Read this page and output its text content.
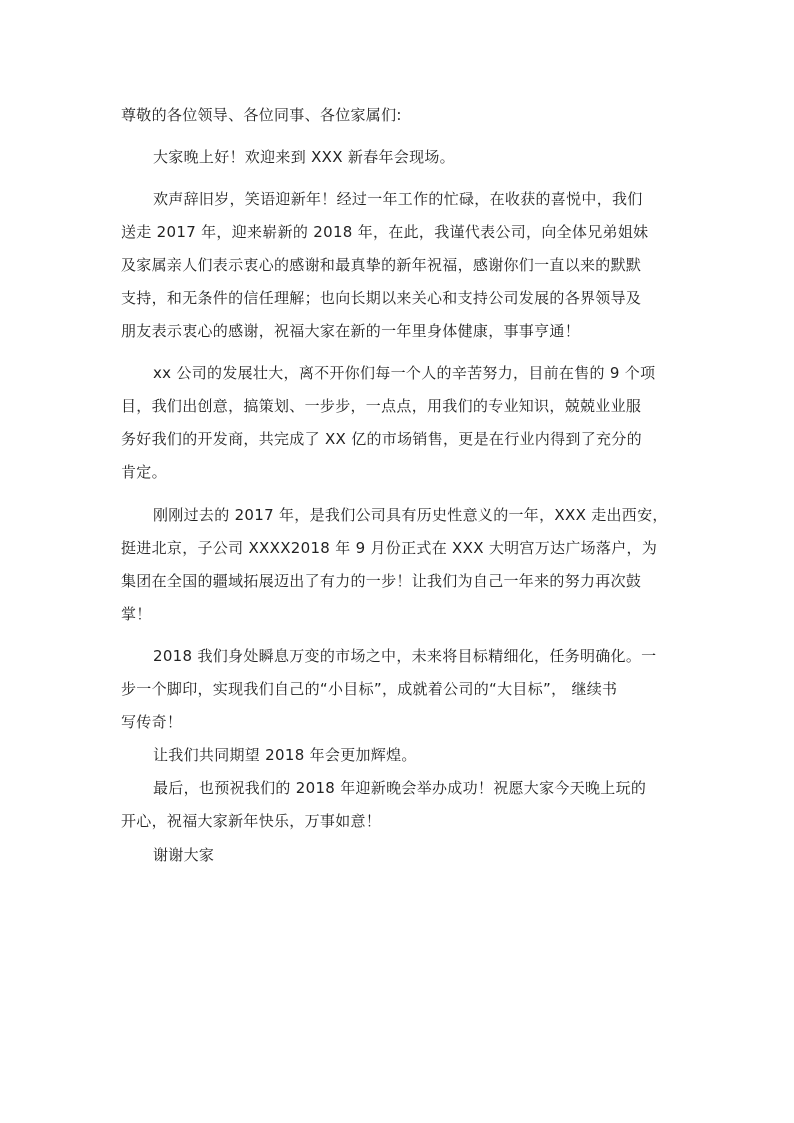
尊敬的各位领导、各位同事、各位家属们:
大家晚上好！欢迎来到 XXX 新春年会现场。
欢声辞旧岁，笑语迎新年！经过一年工作的忙碌，在收获的喜悦中，我们
送走 2017 年，迎来崭新的 2018 年，在此，我谨代表公司，向全体兄弟姐妹
及家属亲人们表示衷心的感谢和最真挚的新年祝福，感谢你们一直以来的默默
支持，和无条件的信任理解；也向长期以来关心和支持公司发展的各界领导及
朋友表示衷心的感谢，祝福大家在新的一年里身体健康，事事亨通！
xx 公司的发展壮大，离不开你们每一个人的辛苦努力，目前在售的 9 个项
目，我们出创意，搞策划、一步步，一点点，用我们的专业知识，兢兢业业服
务好我们的开发商，共完成了 XX 亿的市场销售，更是在行业内得到了充分的
肯定。
刚刚过去的 2017 年，是我们公司具有历史性意义的一年，XXX 走出西安，
挺进北京，子公司 XXXX2018 年 9 月份正式在 XXX 大明宫万达广场落户，为
集团在全国的疆域拓展迈出了有力的一步！让我们为自己一年来的努力再次鼓
掌！
2018 我们身处瞬息万变的市场之中，未来将目标精细化，任务明确化。一
步一个脚印，实现我们自己的“小目标”，成就着公司的“大目标”， 继续书
写传奇！
让我们共同期望 2018 年会更加辉煌。
最后，也预祝我们的 2018 年迎新晚会举办成功！祝愿大家今天晚上玩的
开心，祝福大家新年快乐，万事如意！
谢谢大家
